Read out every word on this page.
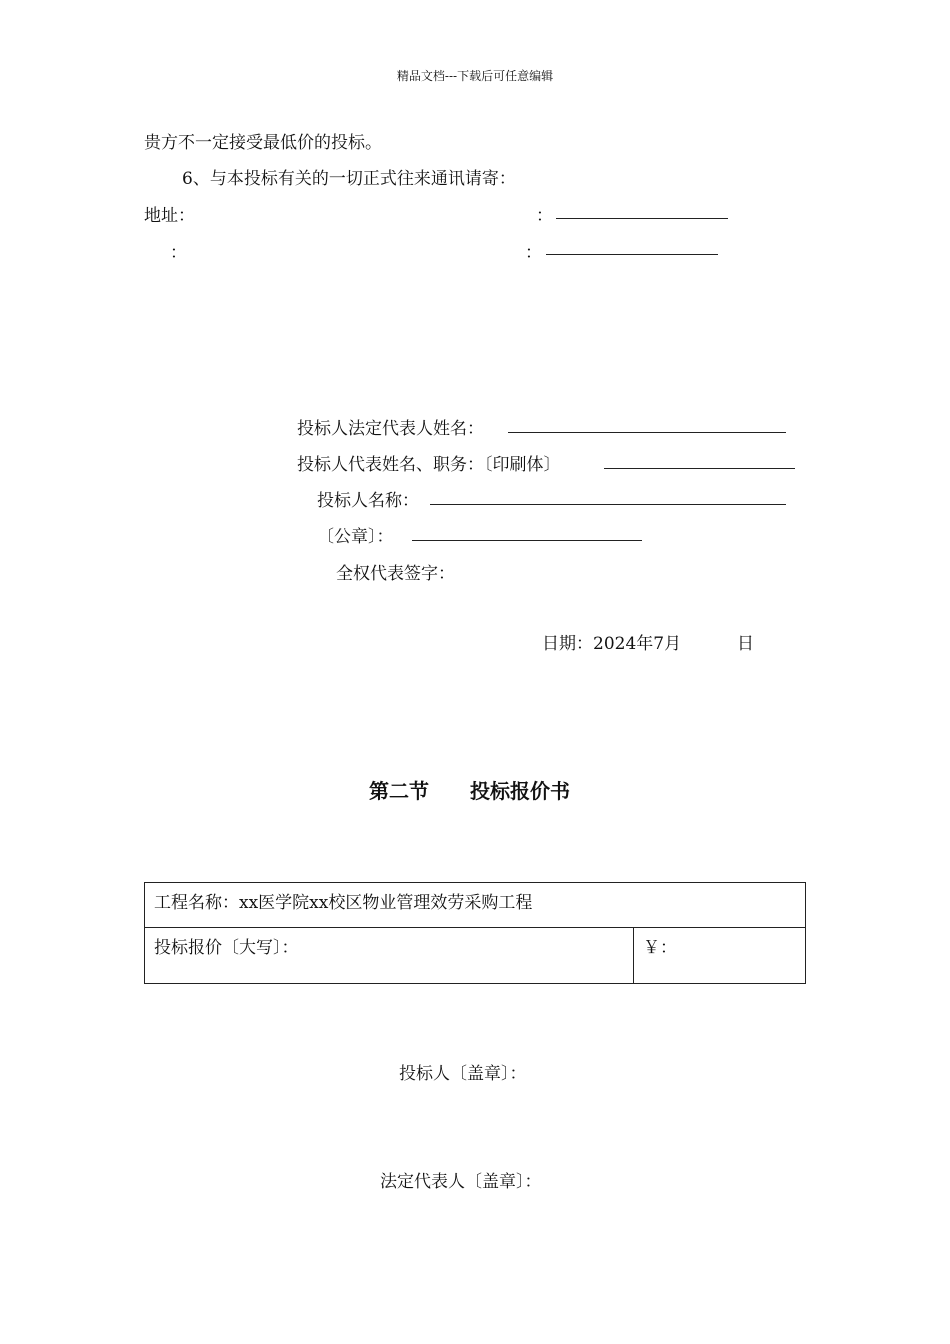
精品文档---下载后可任意编辑
贵方不一定接受最低价的投标。
6、与本投标有关的一切正式往来通讯请寄：
地址：	：
：	：
投标人法定代表人姓名：
投标人代表姓名、职务：〔印刷体〕
投标人名称：
〔公章〕：
全权代表签字：
日期：2024年7月	日
第二节 投标报价书
工程名称：xx医学院xx校区物业管理效劳采购工程
投标报价〔大写〕：	￥：
投标人〔盖章〕：
法定代表人〔盖章〕：
